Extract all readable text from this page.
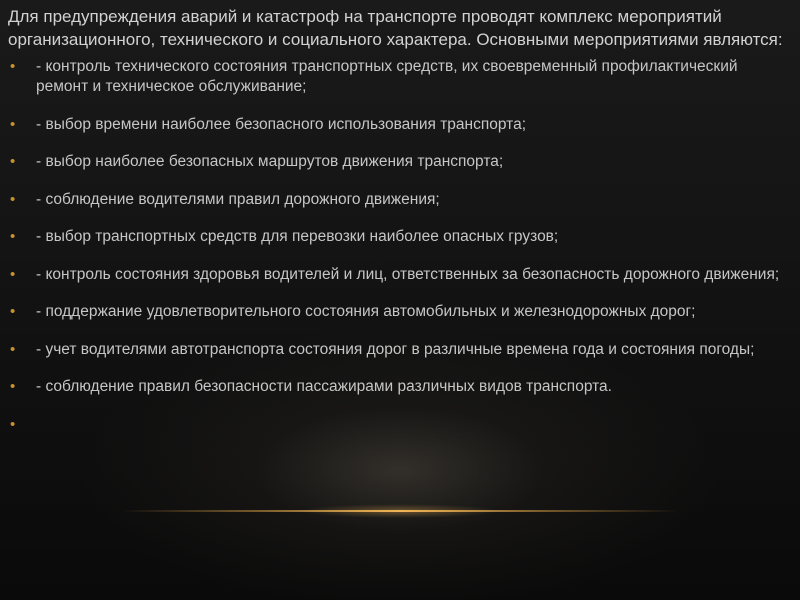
Для предупреждения аварий и катастроф на транспорте проводят комплекс мероприятий организационного, технического и социального характера. Основными мероприятиями являются:

• - контроль технического состояния транспортных средств, их своевременный профилактический ремонт и техническое обслуживание;
• - выбор времени наиболее безопасного использования транспорта;
• - выбор наиболее безопасных маршрутов движения транспорта;
• - соблюдение водителями правил дорожного движения;
• - выбор транспортных средств для перевозки наиболее опасных грузов;
• - контроль состояния здоровья водителей и лиц, ответственных за безопасность дорожного движения;
• - поддержание удовлетворительного состояния автомобильных и железнодорожных дорог;
• - учет водителями автотранспорта состояния дорог в различные времена года и состояния погоды;
• - соблюдение правил безопасности пассажирами различных видов транспорта.
•
